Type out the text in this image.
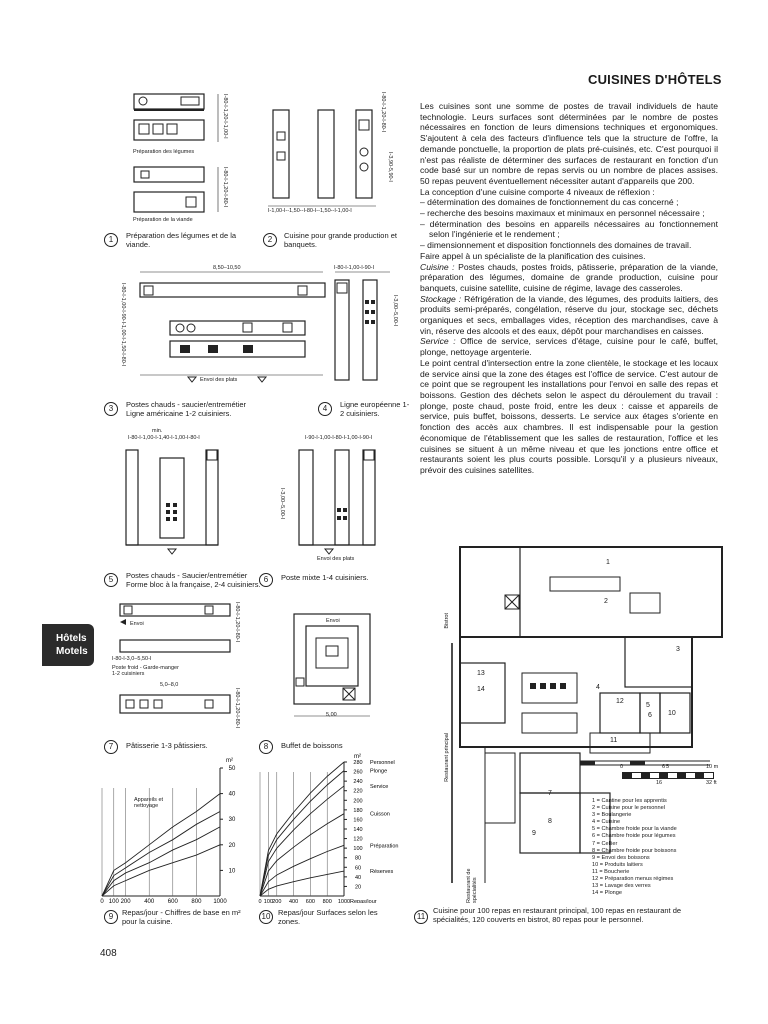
CUISINES D'HÔTELS

Les cuisines sont une somme de postes de travail individuels de haute technologie. Leurs surfaces sont déterminées par le nombre de postes nécessaires en fonction de leurs dimensions techniques et ergonomiques. S'ajoutent à cela des facteurs d'influence tels que la structure de l'offre, la demande ponctuelle, la proportion de plats pré-cuisinés, etc. C'est pourquoi il n'est pas réaliste de déterminer des surfaces de restaurant en fonction d'un code basé sur un nombre de repas servis ou un nombre de places assises. 50 repas peuvent éventuellement nécessiter autant d'appareils que 200.

La conception d'une cuisine comporte 4 niveaux de réflexion :

– détermination des domaines de fonctionnement du cas concerné ;

– recherche des besoins maximaux et minimaux en personnel nécessaire ;

– détermination des besoins en appareils nécessaires au fonctionnement selon l'ingénierie et le rendement ;

– dimensionnement et disposition fonctionnels des domaines de travail.

Faire appel à un spécialiste de la planification des cuisines.

Cuisine : Postes chauds, postes froids, pâtisserie, préparation de la viande, préparation des légumes, domaine de grande production, cuisine pour banquets, cuisine satellite, cuisine de régime, lavage des casseroles.

Stockage : Réfrigération de la viande, des légumes, des produits laitiers, des produits semi-préparés, congélation, réserve du jour, stockage sec, déchets organiques et secs, emballages vides, réception des marchandises, cave à vin, réserve des alcools et des eaux, dépôt pour marchandises en caisses.

Service : Office de service, services d'étage, cuisine pour le café, buffet, plonge, nettoyage argenterie.

Le point central d'intersection entre la zone clientèle, le stockage et les locaux de service ainsi que la zone des étages est l'office de service. C'est autour de ce point que se regroupent les installations pour l'envoi en salle des repas et boissons. Gestion des déchets selon le aspect du déroulement du travail : plonge, poste chaud, poste froid, entre les deux : caisse et appareils de service, puis buffet, boissons, desserts. Le service aux étages s'oriente en fonction des accès aux chambres. Il est indispensable pour la gestion économique de l'établissement que les salles de restauration, l'office et les cuisines se situent à un même niveau et que les jonctions entre office et restaurants soient les plus courts possible. Lorsqu'il y a plusieurs niveaux, prévoir des cuisines satellites.

Hôtels
Motels
408
Préparation des légumes
Préparation de la viande
I-80-I-1,20-I-1,00-I
I-80-I-1,20-I-80-I
1	Préparation des légumes et de la viande.
I-80-I-1,20-I-80-I
I-3,90-5,90-I
I-1,00-I--1,50--I-80-I--1,50--I-1,00-I
2	Cuisine pour grande production et banquets.
8,50–10,50
I-80-I-1,00-I-90-I-1,00-I-1,50-I-80-I
Envoi des plats
3	Postes chauds - saucier/entremétier Ligne américaine 1-2 cuisiniers.
I-80-I-1,00-I-90-I
I-3,00–5,00-I
4	Ligne européenne 1-2 cuisiniers.
min.
I-80-I-1,00-I-1,40-I-1,00-I-80-I
5	Postes chauds - Saucier/entremétier Forme bloc à la française, 2-4 cuisiniers.
I-90-I-1,00-I-80-I-1,00-I-90-I
I-3,00–5,00-I
Envoi des plats
6	Poste mixte 1-4 cuisiniers.
Envoi
I-80-I-3,0–5,50-I
Poste froid - Garde-manger 1-2 cuisiniers
5,0–8,0
I-80-I-1,20-I-80-I
I-80-I-1,20-I-80-I
7	Pâtisserie 1-3 pâtissiers.
Envoi
5,00
8	Buffet de boissons
0 100 200 400 600 800 1000
10
20
30
40
50
m²
Appareils et nettoyage
9	Repas/jour - Chiffres de base en m² pour la cuisine.
0 100 200 400 600 800 1000 Repas/jour
20
40
60
80
100
120
140
160
180
200
220
240
260
280
m²
Personnel
Plonge
Service
Cuisson
Préparation
Réserves
10	Repas/jour Surfaces selon les zones.
1
2
3
4
5
6
7
8
9
10
11
12
13
14
Bistrot
Restaurant principal
Restaurant de spécialités
0	6 5	10 m
16	32 ft
1 = Cantine pour les apprentis
2 = Cuisine pour le personnel
3 = Boulangerie
4 = Cuisine
5 = Chambre froide pour la viande
6 = Chambre froide pour légumes
7 = Cellier
8 = Chambre froide pour boissons
9 = Envoi des boissons
10 = Produits laitiers
11 = Boucherie
12 = Préparation menus régimes
13 = Lavage des verres
14 = Plonge
11
Cuisine pour 100 repas en restaurant principal, 100 repas en restaurant de spécialités, 120 couverts en bistrot, 80 repas pour le personnel.
